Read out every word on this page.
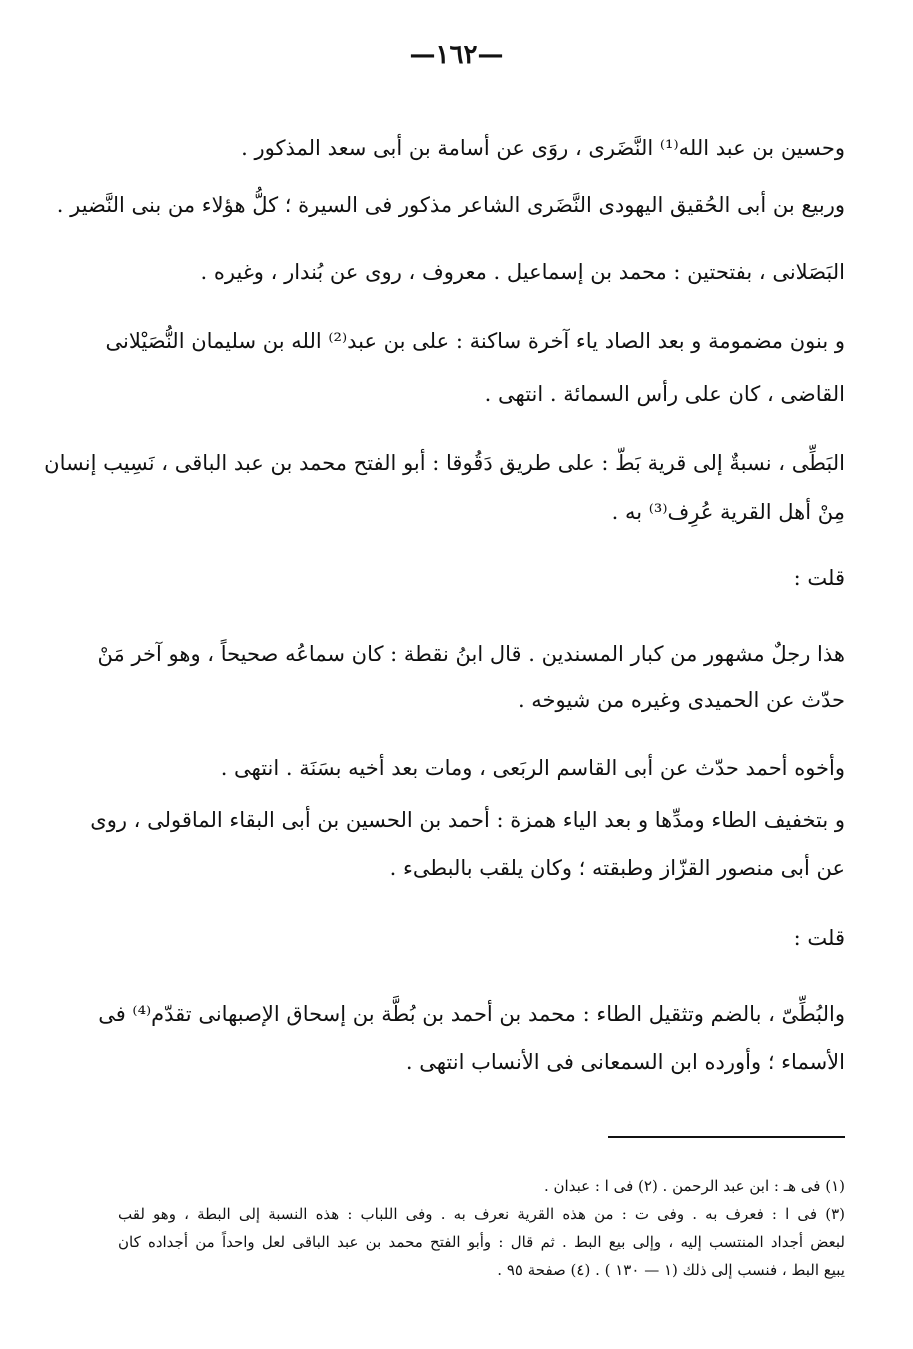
—١٦٢—
وحسين بن عبد الله⁽¹⁾ النَّضَرى ، روَى عن أسامة بن أبى سعد المذكور .
وربيع بن أبى الحُقيق اليهودى النَّضَرى الشاعر مذكور فى السيرة ؛ كلُّ هؤلاء من بنى النَّضير .
البَصَلانى ، بفتحتين : محمد بن إسماعيل . معروف ، روى عن بُندار ، وغيره .
و بنون مضمومة و بعد الصاد ياء آخرة ساكنة : على بن عبد⁽²⁾ الله بن سليمان النُّصَيْلانى
القاضى ، كان على رأس السمائة . انتهى .
البَطِّى ، نسبةٌ إلى قرية بَطّ : على طريق دَقُوقا : أبو الفتح محمد بن عبد الباقى ، نَسِيب إنسان
مِنْ أهل القرية عُرِف⁽³⁾ به .
قلت :
هذا رجلٌ مشهور من كبار المسندين . قال ابنُ نقطة : كان سماعُه صحيحاً ، وهو آخر مَنْ
حدّث عن الحميدى وغيره من شيوخه .
وأخوه أحمد حدّث عن أبى القاسم الربَعى ، ومات بعد أخيه بسَنَة . انتهى .
و بتخفيف الطاء ومدِّها و بعد الياء همزة : أحمد بن الحسين بن أبى البقاء الماقولى ، روى
عن أبى منصور القزّاز وطبقته ؛ وكان يلقب بالبطىء .
قلت :
والبُطِّىّ ، بالضم وتثقيل الطاء : محمد بن أحمد بن بُطَّة بن إسحاق الإصبهانى تقدّم⁽⁴⁾ فى
الأسماء ؛ وأورده ابن السمعانى فى الأنساب انتهى .
(١) فى هـ : ابن عبد الرحمن . (٢) فى ا : عبدان .
(٣) فى ا : فعرف به . وفى ت : من هذه القرية نعرف به . وفى اللباب : هذه النسبة إلى البطة ، وهو لقب
لبعض أجداد المنتسب إليه ، وإلى بيع البط . ثم قال : وأبو الفتح محمد بن عبد الباقى لعل واحداً من أجداده كان
يبيع البط ، فنسب إلى ذلك (١ — ١٣٠ ) . (٤) صفحة ٩٥ .
